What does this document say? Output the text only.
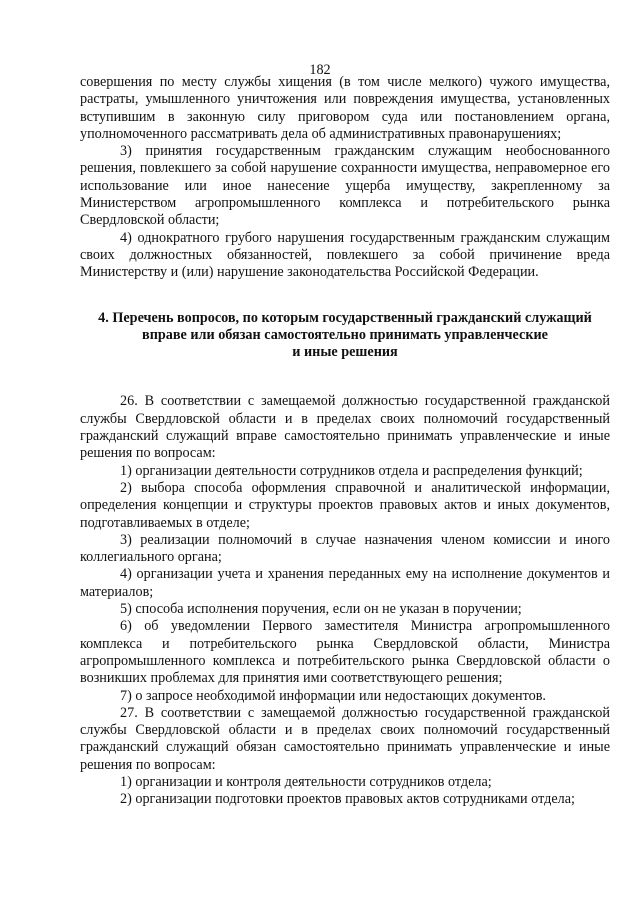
182

совершения по месту службы хищения (в том числе мелкого) чужого имущества, растраты, умышленного уничтожения или повреждения имущества, установленных вступившим в законную силу приговором суда или постановлением органа, уполномоченного рассматривать дела об административных правонарушениях;

3) принятия государственным гражданским служащим необоснованного решения, повлекшего за собой нарушение сохранности имущества, неправомерное его использование или иное нанесение ущерба имуществу, закрепленному за Министерством агропромышленного комплекса и потребительского рынка Свердловской области;

4) однократного грубого нарушения государственным гражданским служащим своих должностных обязанностей, повлекшего за собой причинение вреда Министерству и (или) нарушение законодательства Российской Федерации.

4. Перечень вопросов, по которым государственный гражданский служащий
вправе или обязан самостоятельно принимать управленческие
и иные решения

26. В соответствии с замещаемой должностью государственной гражданской службы Свердловской области и в пределах своих полномочий государственный гражданский служащий вправе самостоятельно принимать управленческие и иные решения по вопросам:

1) организации деятельности сотрудников отдела и распределения функций;

2) выбора способа оформления справочной и аналитической информации, определения концепции и структуры проектов правовых актов и иных документов, подготавливаемых в отделе;

3) реализации полномочий в случае назначения членом комиссии и иного коллегиального органа;

4) организации учета и хранения переданных ему на исполнение документов и материалов;

5) способа исполнения поручения, если он не указан в поручении;

6) об уведомлении Первого заместителя Министра агропромышленного комплекса и потребительского рынка Свердловской области, Министра агропромышленного комплекса и потребительского рынка Свердловской области о возникших проблемах для принятия ими соответствующего решения;

7) о запросе необходимой информации или недостающих документов.

27. В соответствии с замещаемой должностью государственной гражданской службы Свердловской области и в пределах своих полномочий государственный гражданский служащий обязан самостоятельно принимать управленческие и иные решения по вопросам:

1) организации и контроля деятельности сотрудников отдела;

2) организации подготовки проектов правовых актов сотрудниками отдела;
